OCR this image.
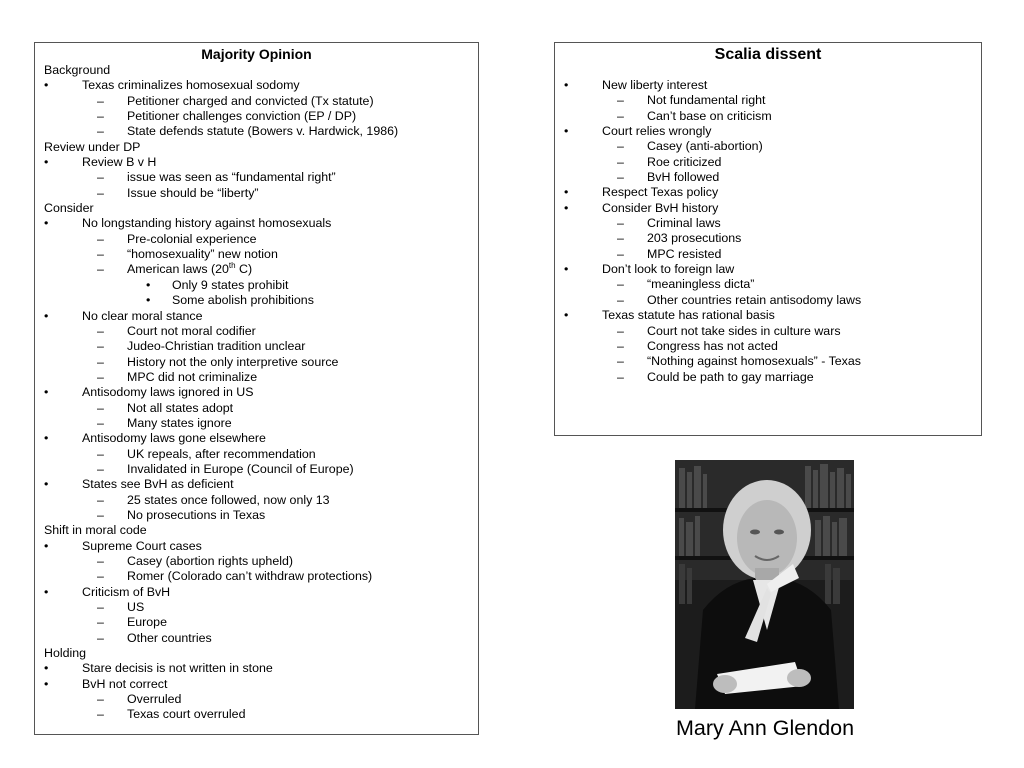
Majority Opinion
Background
•	Texas criminalizes homosexual sodomy
– Petitioner charged and convicted (Tx statute)
– Petitioner challenges conviction (EP / DP)
– State defends statute (Bowers v. Hardwick, 1986)
Review under DP
•	Review B v H
– issue was seen as “fundamental right”
– Issue should be “liberty”
Consider
•	No longstanding history against homosexuals
– Pre-colonial experience
– “homosexuality” new notion
– American laws (20th C)
• Only 9 states prohibit
• Some abolish prohibitions
•	No clear moral stance
– Court not moral codifier
– Judeo-Christian tradition unclear
– History not the only interpretive source
– MPC did not criminalize
•	Antisodomy laws ignored in US
– Not all states adopt
– Many states ignore
•	Antisodomy laws gone elsewhere
– UK repeals, after recommendation
– Invalidated in Europe (Council of Europe)
•	States see BvH as deficient
– 25 states once followed, now only 13
– No prosecutions in Texas
Shift in moral code
•	Supreme Court cases
– Casey (abortion rights upheld)
– Romer (Colorado can’t withdraw protections)
•	Criticism of BvH
– US
– Europe
– Other countries
Holding
•	Stare decisis is not written in stone
•	BvH not correct
– Overruled
– Texas court overruled
Scalia dissent
•	New liberty interest
– Not fundamental right
– Can’t base on criticism
•	Court relies wrongly
– Casey (anti-abortion)
– Roe criticized
– BvH followed
•	Respect Texas policy
•	Consider BvH history
– Criminal laws
– 203 prosecutions
– MPC resisted
•	Don’t look to foreign law
– “meaningless dicta”
– Other countries retain antisodomy laws
•	Texas statute has rational basis
– Court not take sides in culture wars
– Congress has not acted
– “Nothing against homosexuals” - Texas
– Could be path to gay marriage
Mary Ann Glendon
